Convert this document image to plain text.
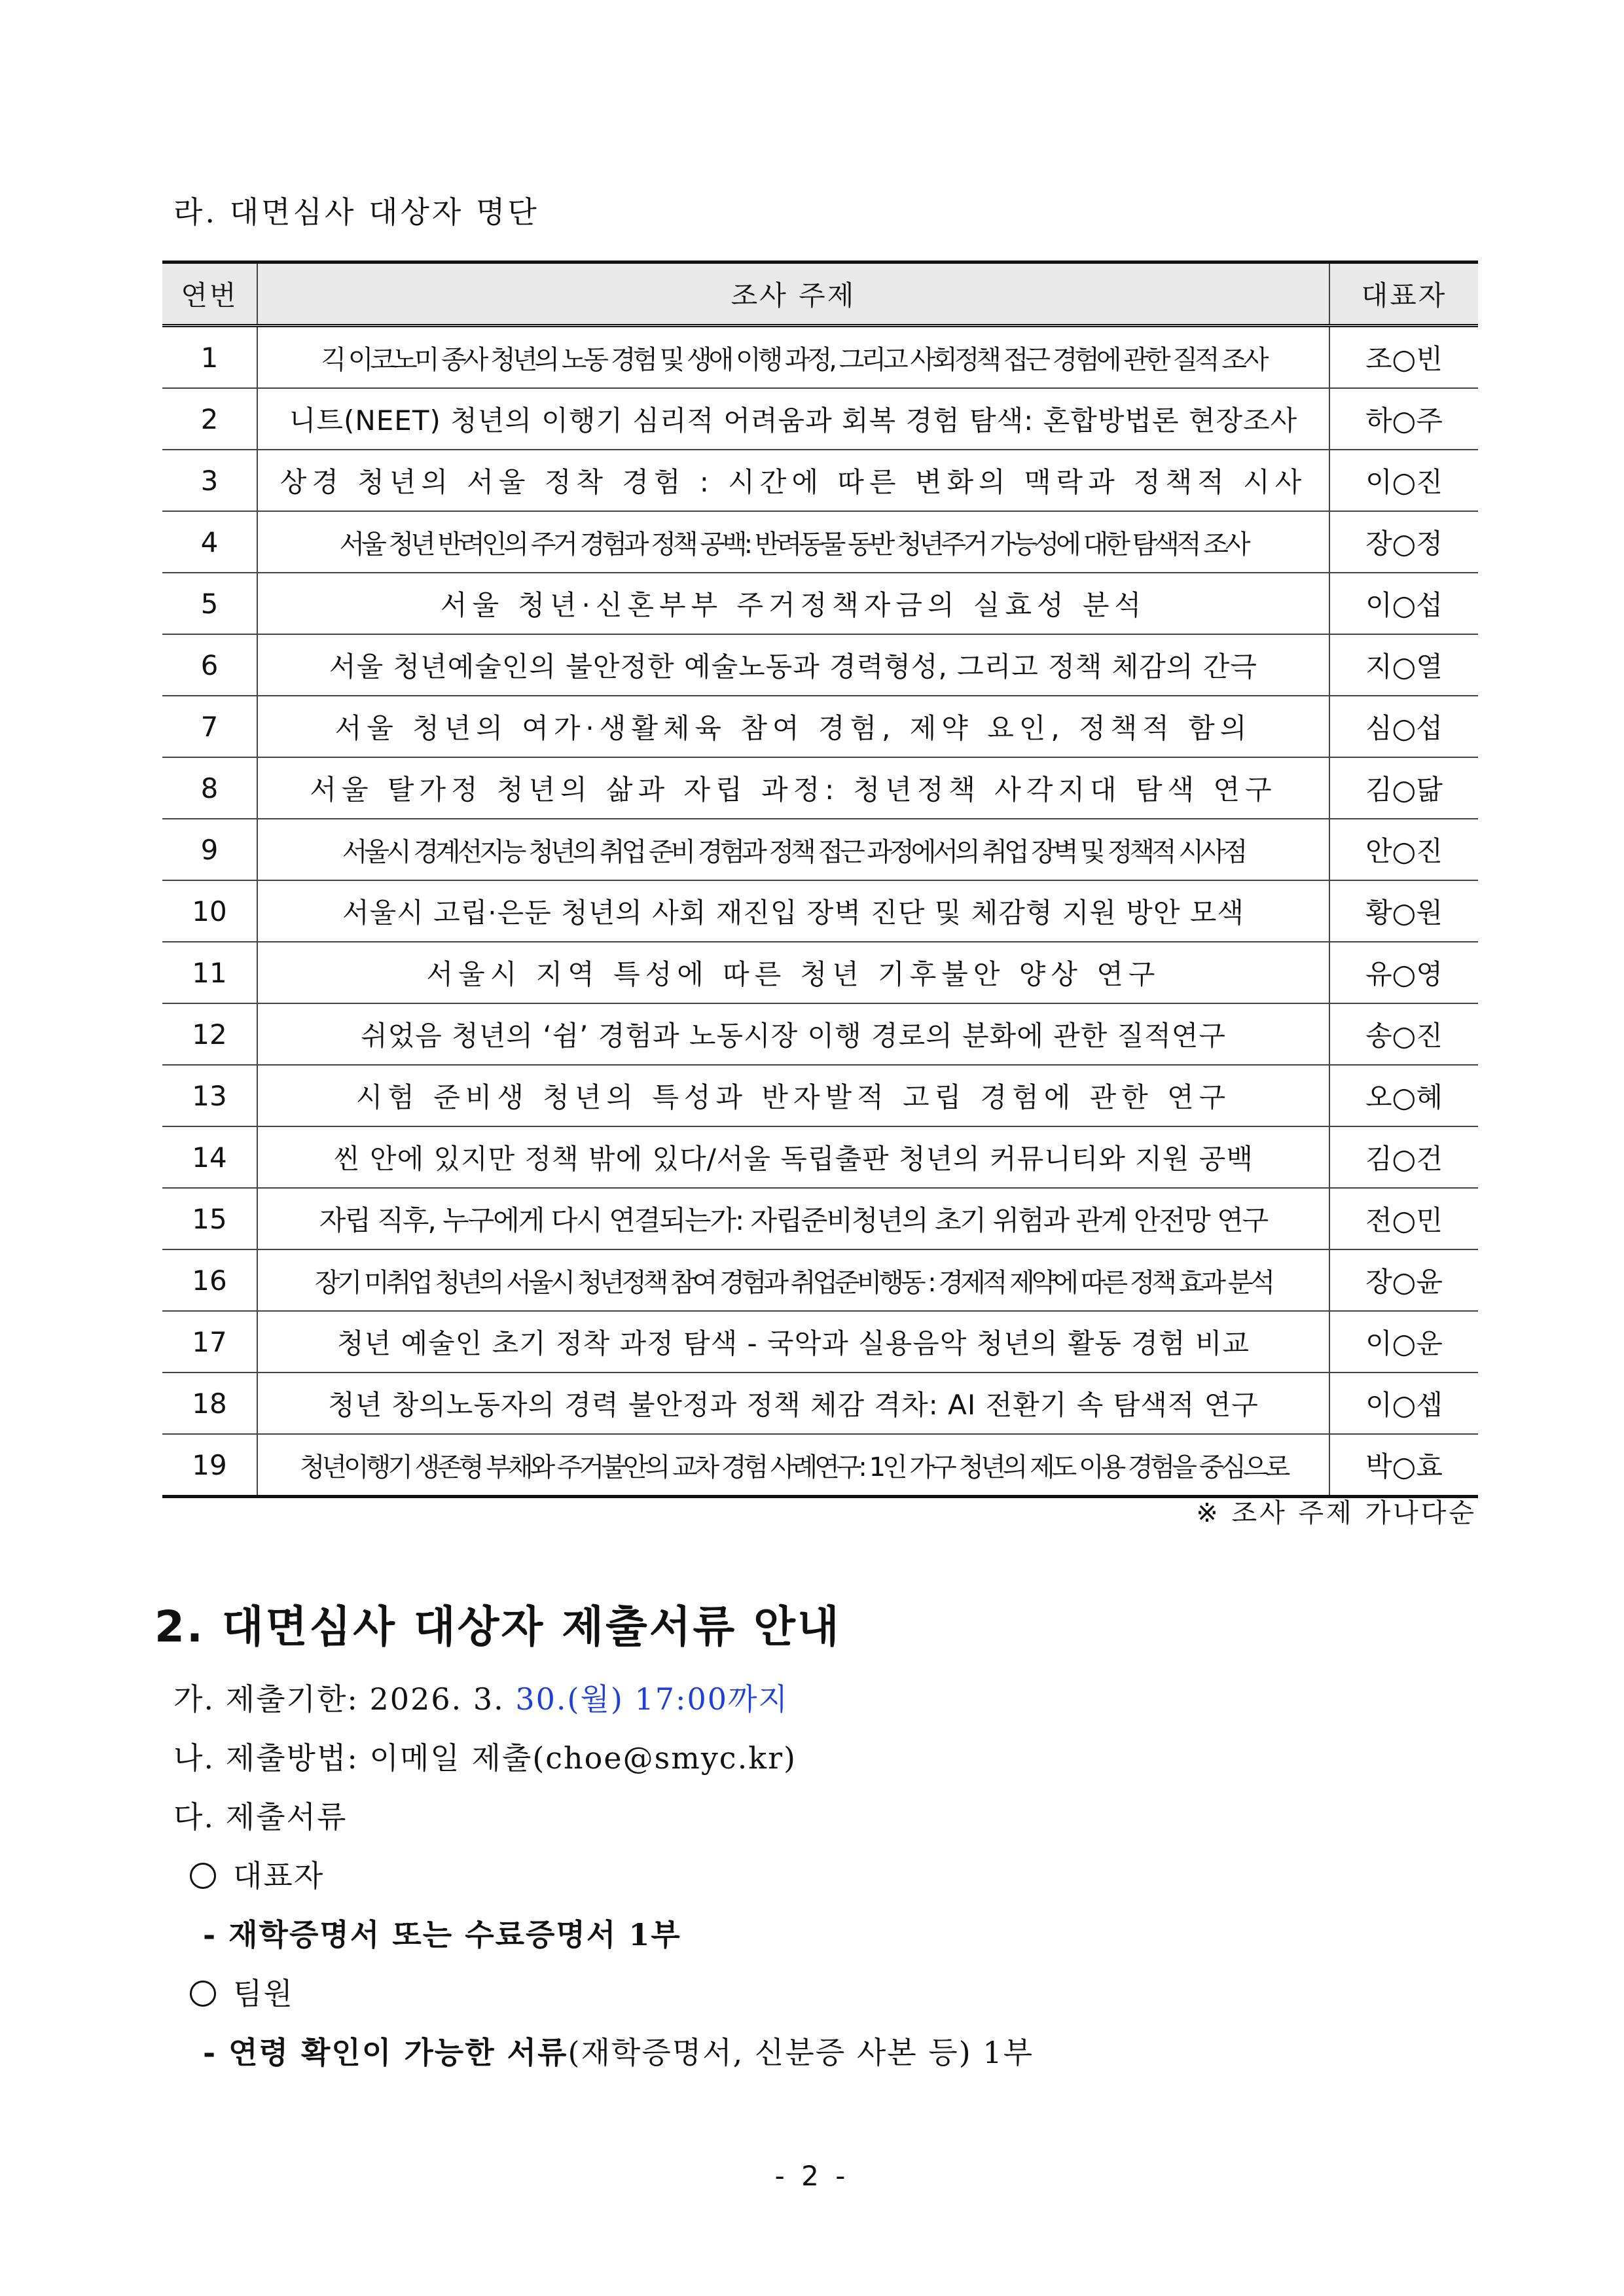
라. 대면심사 대상자 명단
연번	조사 주제	대표자
1	긱 이코노미 종사 청년의 노동 경험 및 생애 이행 과정, 그리고 사회정책 접근 경험에 관한 질적 조사	조○빈
2	니트(NEET) 청년의 이행기 심리적 어려움과 회복 경험 탐색: 혼합방법론 현장조사	하○주
3	상경 청년의 서울 정착 경험 : 시간에 따른 변화의 맥락과 정책적 시사	이○진
4	서울 청년 반려인의 주거 경험과 정책 공백: 반려동물 동반 청년주거 가능성에 대한 탐색적 조사	장○정
5	서울 청년·신혼부부 주거정책자금의 실효성 분석	이○섭
6	서울 청년예술인의 불안정한 예술노동과 경력형성, 그리고 정책 체감의 간극	지○열
7	서울 청년의 여가·생활체육 참여 경험, 제약 요인, 정책적 함의	심○섭
8	서울 탈가정 청년의 삶과 자립 과정: 청년정책 사각지대 탐색 연구	김○닮
9	서울시 경계선지능 청년의 취업 준비 경험과 정책 접근 과정에서의 취업 장벽 및 정책적 시사점	안○진
10	서울시 고립·은둔 청년의 사회 재진입 장벽 진단 및 체감형 지원 방안 모색	황○원
11	서울시 지역 특성에 따른 청년 기후불안 양상 연구	유○영
12	쉬었음 청년의 ‘쉼’ 경험과 노동시장 이행 경로의 분화에 관한 질적연구	송○진
13	시험 준비생 청년의 특성과 반자발적 고립 경험에 관한 연구	오○혜
14	씬 안에 있지만 정책 밖에 있다/서울 독립출판 청년의 커뮤니티와 지원 공백	김○건
15	자립 직후, 누구에게 다시 연결되는가: 자립준비청년의 초기 위험과 관계 안전망 연구	전○민
16	장기 미취업 청년의 서울시 청년정책 참여 경험과 취업준비행동 : 경제적 제약에 따른 정책 효과 분석	장○윤
17	청년 예술인 초기 정착 과정 탐색 - 국악과 실용음악 청년의 활동 경험 비교	이○운
18	청년 창의노동자의 경력 불안정과 정책 체감 격차: AI 전환기 속 탐색적 연구	이○셉
19	청년이행기 생존형 부채와 주거불안의 교차 경험 사례연구: 1인 가구 청년의 제도 이용 경험을 중심으로	박○효
※ 조사 주제 가나다순
2. 대면심사 대상자 제출서류 안내
가. 제출기한: 2026. 3. 30.(월) 17:00까지
나. 제출방법: 이메일 제출(choe@smyc.kr)
다. 제출서류
대표자
- 재학증명서 또는 수료증명서 1부
팀원
- 연령 확인이 가능한 서류(재학증명서, 신분증 사본 등) 1부
- 2 -
